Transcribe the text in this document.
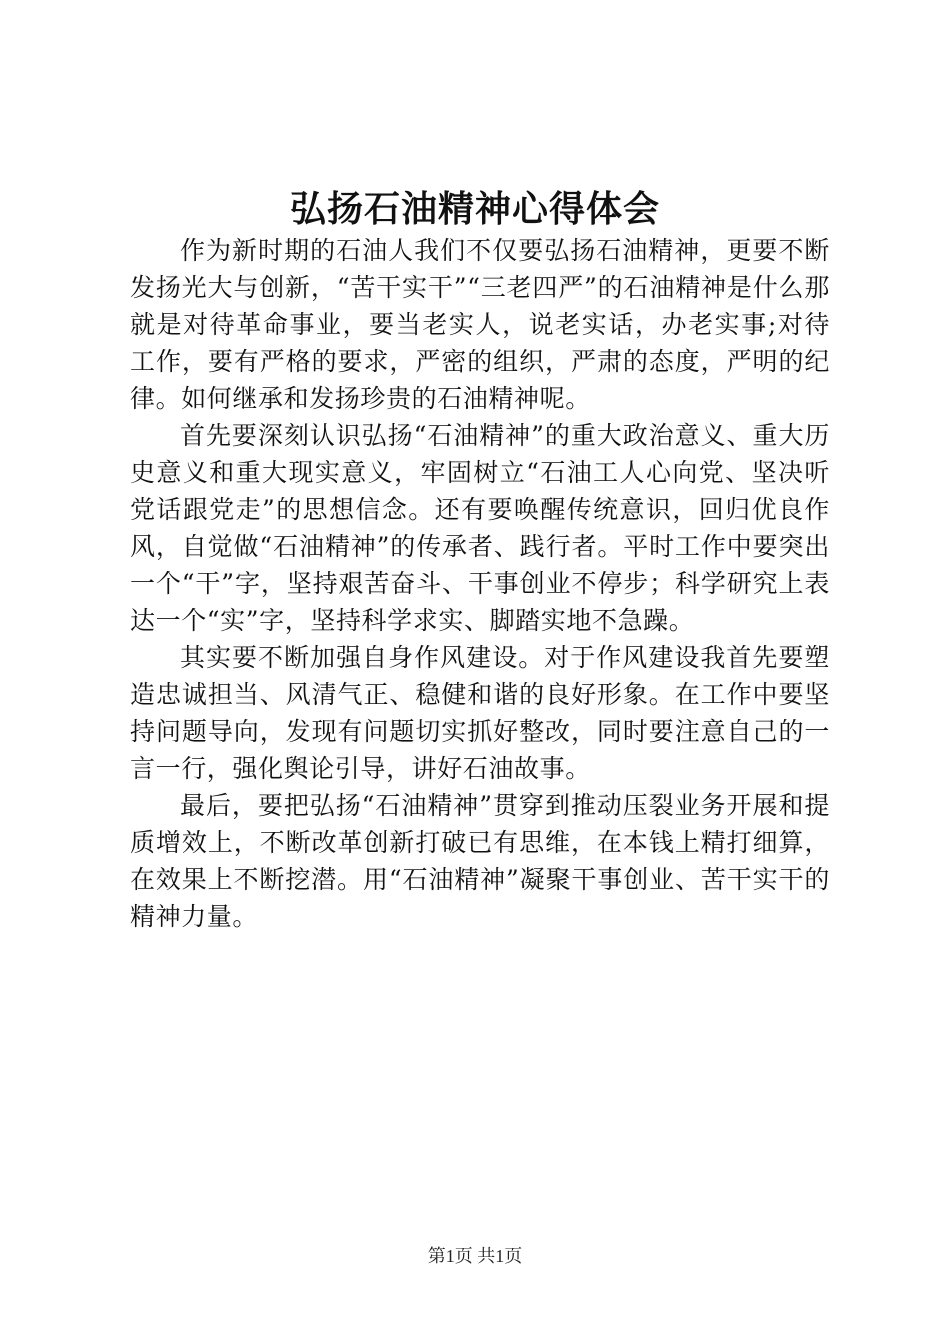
弘扬石油精神心得体会

作为新时期的石油人我们不仅要弘扬石油精神，更要不断发扬光大与创新，“苦干实干”“三老四严”的石油精神是什么那就是对待革命事业，要当老实人，说老实话，办老实事;对待工作，要有严格的要求，严密的组织，严肃的态度，严明的纪律。如何继承和发扬珍贵的石油精神呢。

首先要深刻认识弘扬“石油精神”的重大政治意义、重大历史意义和重大现实意义，牢固树立“石油工人心向党、坚决听党话跟党走”的思想信念。还有要唤醒传统意识，回归优良作风，自觉做“石油精神”的传承者、践行者。平时工作中要突出一个“干”字，坚持艰苦奋斗、干事创业不停步；科学研究上表达一个“实”字，坚持科学求实、脚踏实地不急躁。

其实要不断加强自身作风建设。对于作风建设我首先要塑造忠诚担当、风清气正、稳健和谐的良好形象。在工作中要坚持问题导向，发现有问题切实抓好整改，同时要注意自己的一言一行，强化舆论引导，讲好石油故事。

最后，要把弘扬“石油精神”贯穿到推动压裂业务开展和提质增效上，不断改革创新打破已有思维，在本钱上精打细算，在效果上不断挖潜。用“石油精神”凝聚干事创业、苦干实干的精神力量。

第1页 共1页
